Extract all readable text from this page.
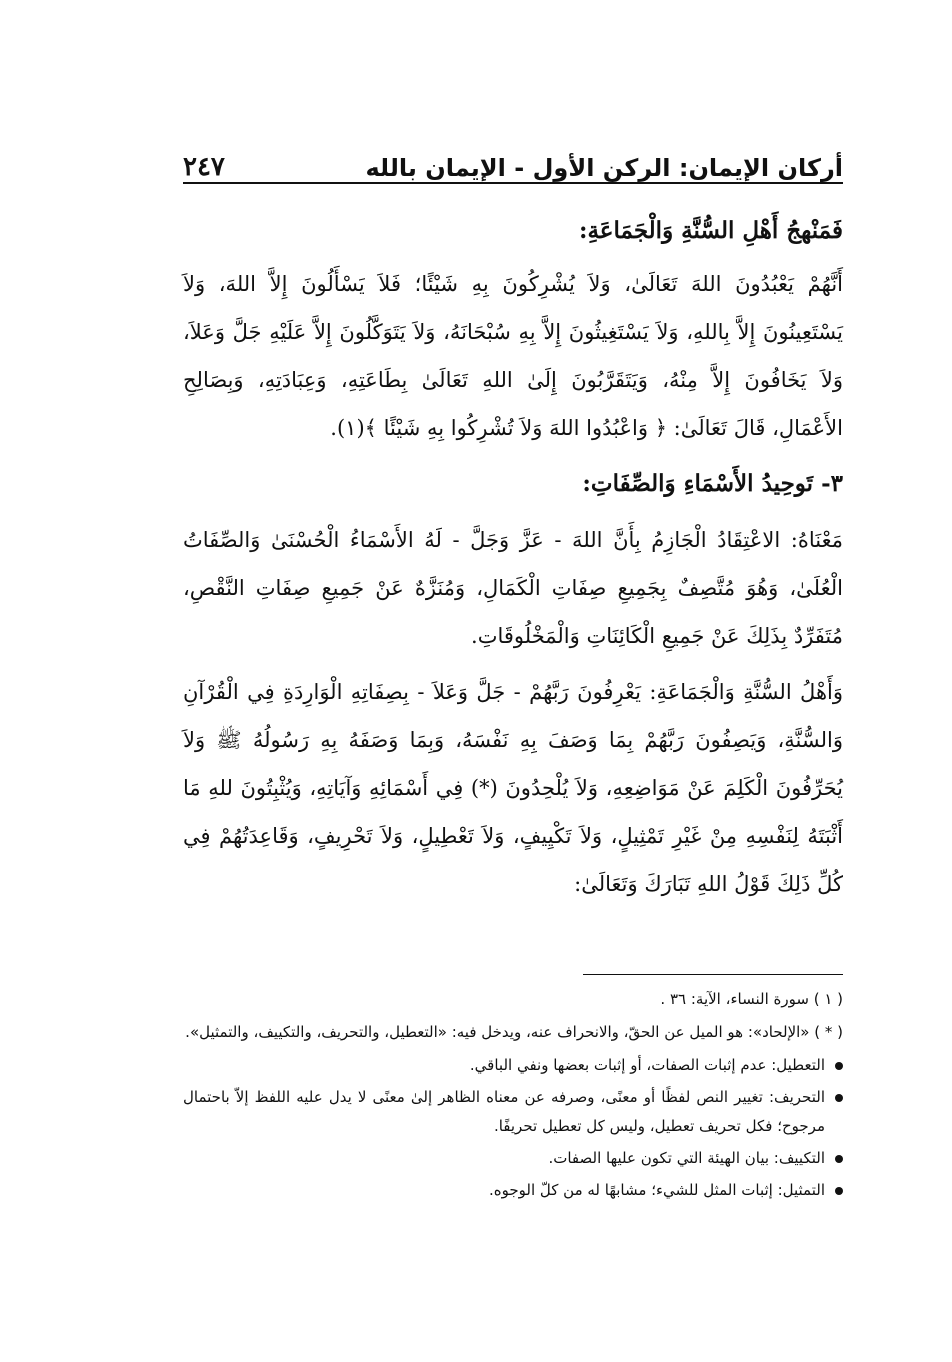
أركان الإيمان: الركن الأول - الإيمان بالله
٢٤٧

فَمَنْهجُ أَهْلِ السُّنَّةِ وَالْجَمَاعَةِ:

أَنَّهُمْ يَعْبُدُونَ اللهَ تَعَالَىٰ، وَلاَ يُشْرِكُونَ بِهِ شَيْئًا؛ فَلاَ يَسْأَلُونَ إِلاَّ اللهَ، وَلاَ يَسْتَعِينُونَ إِلاَّ بِاللهِ، وَلاَ يَسْتَغِيثُونَ إِلاَّ بِهِ سُبْحَانَهُ، وَلاَ يَتَوَكَّلُونَ إِلاَّ عَلَيْهِ جَلَّ وَعَلاَ، وَلاَ يَخَافُونَ إِلاَّ مِنْهُ، وَيَتَقَرَّبُونَ إِلَىٰ اللهِ تَعَالَىٰ بِطَاعَتِهِ، وَعِبَادَتِهِ، وَبِصَالِحِ الأَعْمَالِ، قَالَ تَعَالَىٰ: ﴿ وَاعْبُدُوا اللهَ وَلاَ تُشْرِكُوا بِهِ شَيْئًا ﴾(١).

٣- تَوحِيدُ الأَسْمَاءِ وَالصِّفَاتِ:

مَعْنَاهُ: الاعْتِقَادُ الْجَازِمُ بِأَنَّ اللهَ - عَزَّ وَجَلَّ - لَهُ الأَسْمَاءُ الْحُسْنَىٰ وَالصِّفَاتُ الْعُلَىٰ، وَهُوَ مُتَّصِفٌ بِجَمِيعِ صِفَاتِ الْكَمَالِ، وَمُنَزَّهٌ عَنْ جَمِيعِ صِفَاتِ النَّقْصِ، مُتَفَرِّدٌ بِذَلِكَ عَنْ جَمِيعِ الْكَائِنَاتِ وَالْمَخْلُوقَاتِ.

وَأَهْلُ السُّنَّةِ وَالْجَمَاعَةِ: يَعْرِفُونَ رَبَّهُمْ - جَلَّ وَعَلاَ - بِصِفَاتِهِ الْوَارِدَةِ فِي الْقُرْآنِ وَالسُّنَّةِ، وَيَصِفُونَ رَبَّهُمْ بِمَا وَصَفَ بِهِ نَفْسَهُ، وَبِمَا وَصَفَهُ بِهِ رَسُولُهُ ﷺ وَلاَ يُحَرِّفُونَ الْكَلِمَ عَنْ مَوَاضِعِهِ، وَلاَ يُلْحِدُونَ (*) فِي أَسْمَائِهِ وَآيَاتِهِ، وَيُثْبِتُونَ للهِ مَا أَثْبَتَهُ لِنَفْسِهِ مِنْ غَيْرِ تَمْثِيلٍ، وَلاَ تَكْيِيفٍ، وَلاَ تَعْطِيلٍ، وَلاَ تَحْرِيفٍ، وَقَاعِدَتُهُمْ فِي كُلِّ ذَلِكَ قَوْلُ اللهِ تَبَارَكَ وَتَعَالَىٰ:

( ١ ) سورة النساء، الآية: ٣٦ .

( * ) «الإلحاد»: هو الميل عن الحقّ، والانحراف عنه، ويدخل فيه: «التعطيل، والتحريف، والتكييف، والتمثيل».

التعطيل: عدم إثبات الصفات، أو إثبات بعضها ونفي الباقي.

التحريف: تغيير النص لفظًا أو معنًى، وصرفه عن معناه الظاهر إلىٰ معنًى لا يدل عليه اللفظ إلاّ باحتمال مرجوح؛ فكل تحريف تعطيل، وليس كل تعطيل تحريفًا.

التكييف: بيان الهيئة التي تكون عليها الصفات.

التمثيل: إثبات المثل للشيء؛ مشابهًا له من كلّ الوجوه.
